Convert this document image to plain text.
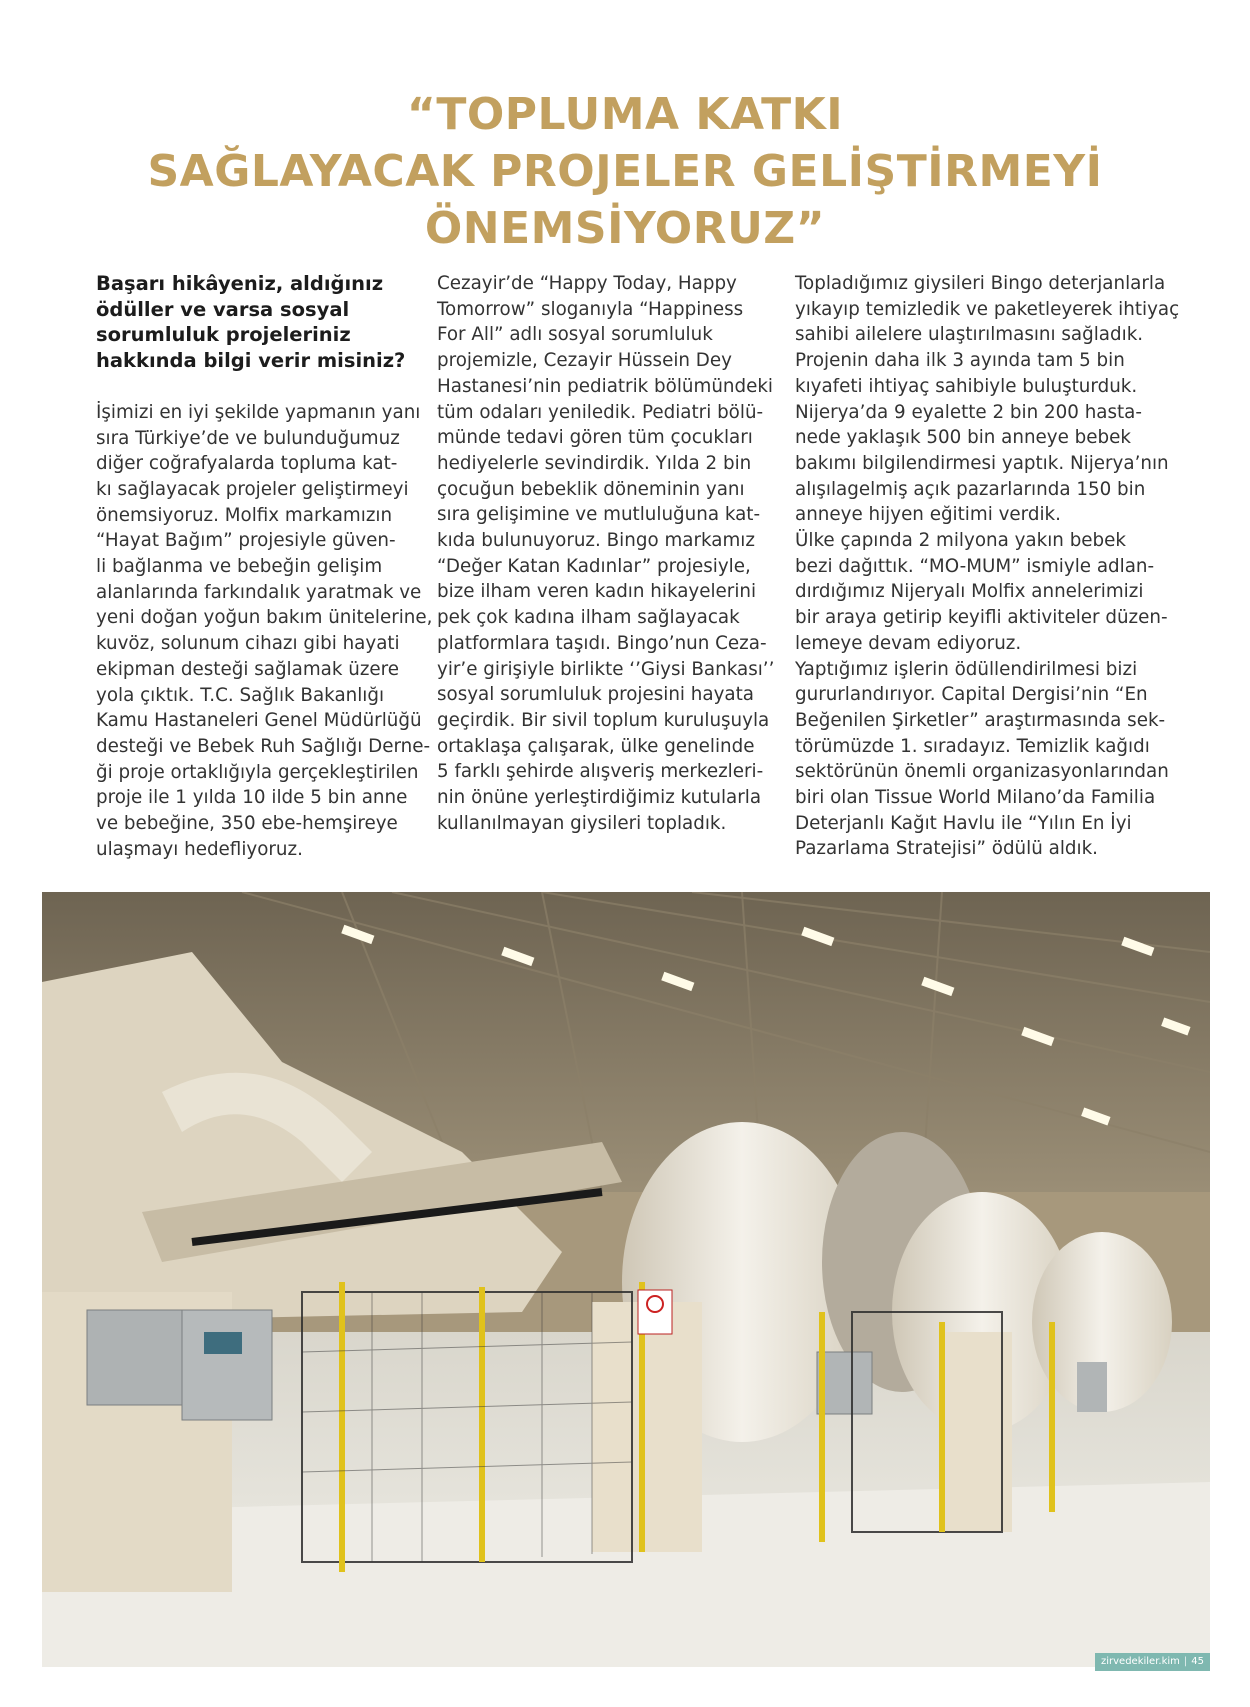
“TOPLUMA KATKI
SAĞLAYACAK PROJELER GELİŞTİRMEYİ
ÖNEMSİYORUZ”
Başarı hikâyeniz, aldığınız
ödüller ve varsa sosyal
sorumluluk projeleriniz
hakkında bilgi verir misiniz?
İşimizi en iyi şekilde yapmanın yanı
sıra Türkiye’de ve bulunduğumuz
diğer coğrafyalarda topluma kat-
kı sağlayacak projeler geliştirmeyi
önemsiyoruz. Molfix markamızın
“Hayat Bağım” projesiyle güven-
li bağlanma ve bebeğin gelişim
alanlarında farkındalık yaratmak ve
yeni doğan yoğun bakım ünitelerine,
kuvöz, solunum cihazı gibi hayati
ekipman desteği sağlamak üzere
yola çıktık. T.C. Sağlık Bakanlığı
Kamu Hastaneleri Genel Müdürlüğü
desteği ve Bebek Ruh Sağlığı Derne-
ği proje ortaklığıyla gerçekleştirilen
proje ile 1 yılda 10 ilde 5 bin anne
ve bebeğine, 350 ebe-hemşireye
ulaşmayı hedefliyoruz.
Cezayir’de “Happy Today, Happy
Tomorrow” sloganıyla “Happiness
For All” adlı sosyal sorumluluk
projemizle, Cezayir Hüssein Dey
Hastanesi’nin pediatrik bölümündeki
tüm odaları yeniledik. Pediatri bölü-
münde tedavi gören tüm çocukları
hediyelerle sevindirdik. Yılda 2 bin
çocuğun bebeklik döneminin yanı
sıra gelişimine ve mutluluğuna kat-
kıda bulunuyoruz. Bingo markamız
“Değer Katan Kadınlar” projesiyle,
bize ilham veren kadın hikayelerini
pek çok kadına ilham sağlayacak
platformlara taşıdı. Bingo’nun Ceza-
yir’e girişiyle birlikte ‘’Giysi Bankası’’
sosyal sorumluluk projesini hayata
geçirdik. Bir sivil toplum kuruluşuyla
ortaklaşa çalışarak, ülke genelinde
5 farklı şehirde alışveriş merkezleri-
nin önüne yerleştirdiğimiz kutularla
kullanılmayan giysileri topladık.
Topladığımız giysileri Bingo deterjanlarla
yıkayıp temizledik ve paketleyerek ihtiyaç
sahibi ailelere ulaştırılmasını sağladık.
Projenin daha ilk 3 ayında tam 5 bin
kıyafeti ihtiyaç sahibiyle buluşturduk.
Nijerya’da 9 eyalette 2 bin 200 hasta-
nede yaklaşık 500 bin anneye bebek
bakımı bilgilendirmesi yaptık. Nijerya’nın
alışılagelmiş açık pazarlarında 150 bin
anneye hijyen eğitimi verdik.
Ülke çapında 2 milyona yakın bebek
bezi dağıttık. “MO-MUM” ismiyle adlan-
dırdığımız Nijeryalı Molfix annelerimizi
bir araya getirip keyifli aktiviteler düzen-
lemeye devam ediyoruz.
Yaptığımız işlerin ödüllendirilmesi bizi
gururlandırıyor. Capital Dergisi’nin “En
Beğenilen Şirketler” araştırmasında sek-
törümüzde 1. sıradayız. Temizlik kağıdı
sektörünün önemli organizasyonlarından
biri olan Tissue World Milano’da Familia
Deterjanlı Kağıt Havlu ile “Yılın En İyi
Pazarlama Stratejisi” ödülü aldık.
zirvedekiler.kim | 45
